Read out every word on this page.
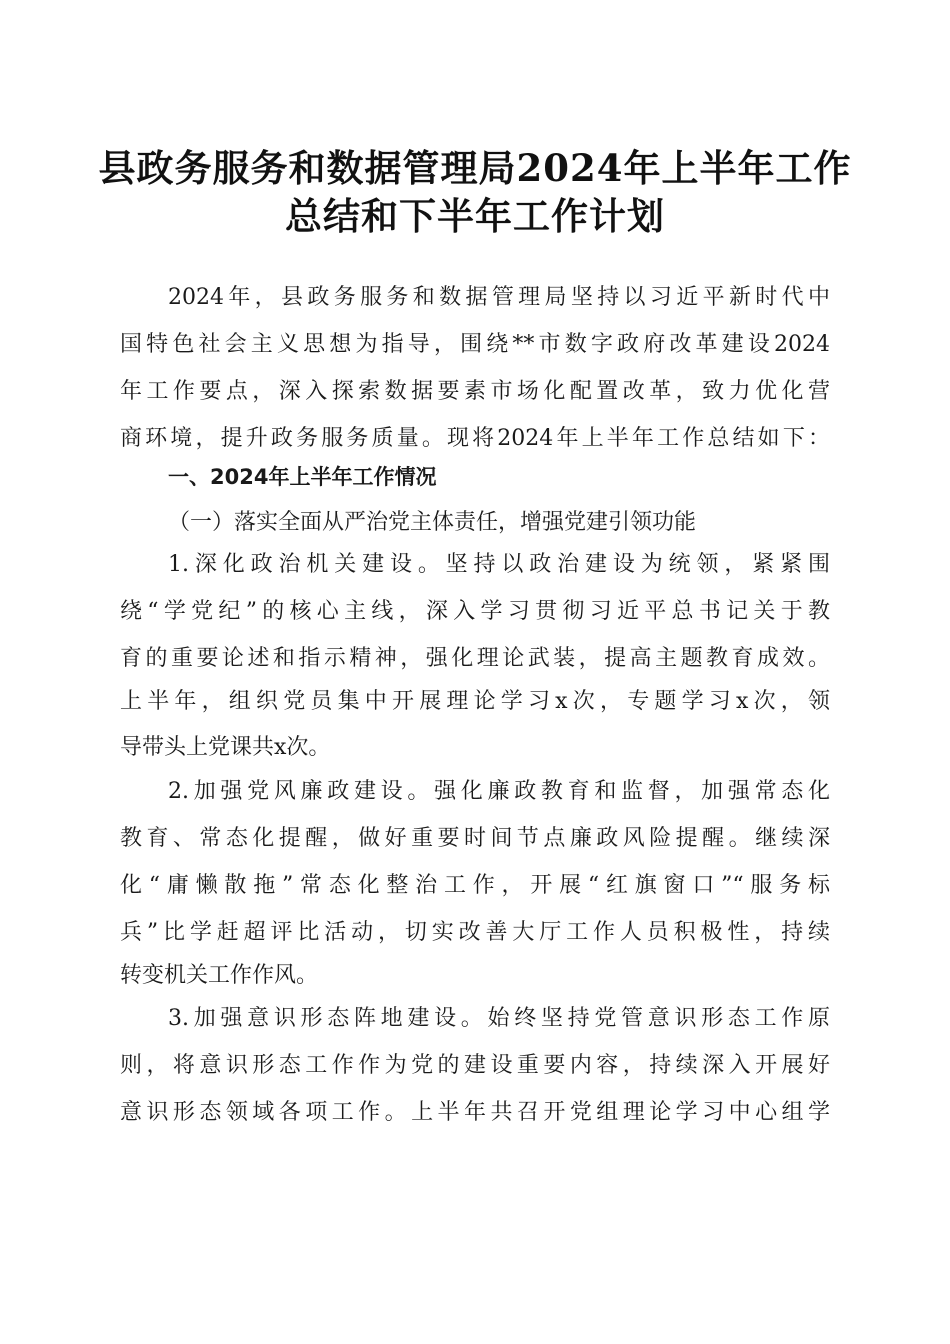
县政务服务和数据管理局2024年上半年工作
总结和下半年工作计划
2024年，县政务服务和数据管理局坚持以习近平新时代中
国特色社会主义思想为指导，围绕**市数字政府改革建设2024
年工作要点，深入探索数据要素市场化配置改革，致力优化营
商环境，提升政务服务质量。现将2024年上半年工作总结如下：
一、2024年上半年工作情况
（一）落实全面从严治党主体责任，增强党建引领功能
1.深化政治机关建设。坚持以政治建设为统领，紧紧围
绕“学党纪”的核心主线，深入学习贯彻习近平总书记关于教
育的重要论述和指示精神，强化理论武装，提高主题教育成效。
上半年，组织党员集中开展理论学习x次，专题学习x次，领
导带头上党课共x次。
2.加强党风廉政建设。强化廉政教育和监督，加强常态化
教育、常态化提醒，做好重要时间节点廉政风险提醒。继续深
化“庸懒散拖”常态化整治工作，开展“红旗窗口”“服务标
兵”比学赶超评比活动，切实改善大厅工作人员积极性，持续
转变机关工作作风。
3.加强意识形态阵地建设。始终坚持党管意识形态工作原
则，将意识形态工作作为党的建设重要内容，持续深入开展好
意识形态领域各项工作。上半年共召开党组理论学习中心组学
